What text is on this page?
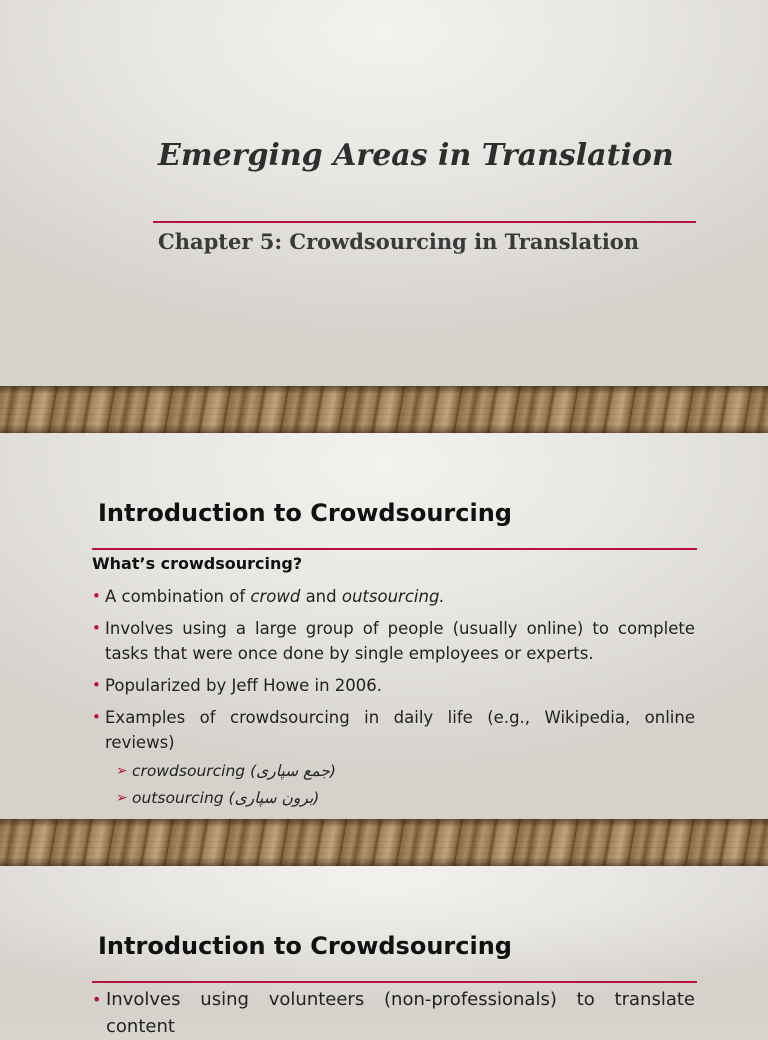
Emerging Areas in Translation
Chapter 5: Crowdsourcing in Translation
Introduction to Crowdsourcing

What’s crowdsourcing?

• A combination of crowd and outsourcing.
• Involves using a large group of people (usually online) to complete tasks that were once done by single employees or experts.
• Popularized by Jeff Howe in 2006.
• Examples of crowdsourcing in daily life (e.g., Wikipedia, online reviews)
➢ crowdsourcing (جمع سپاری)
➢ outsourcing (برون سپاری)
Introduction to Crowdsourcing
• Involves using volunteers (non-professionals) to translate content
